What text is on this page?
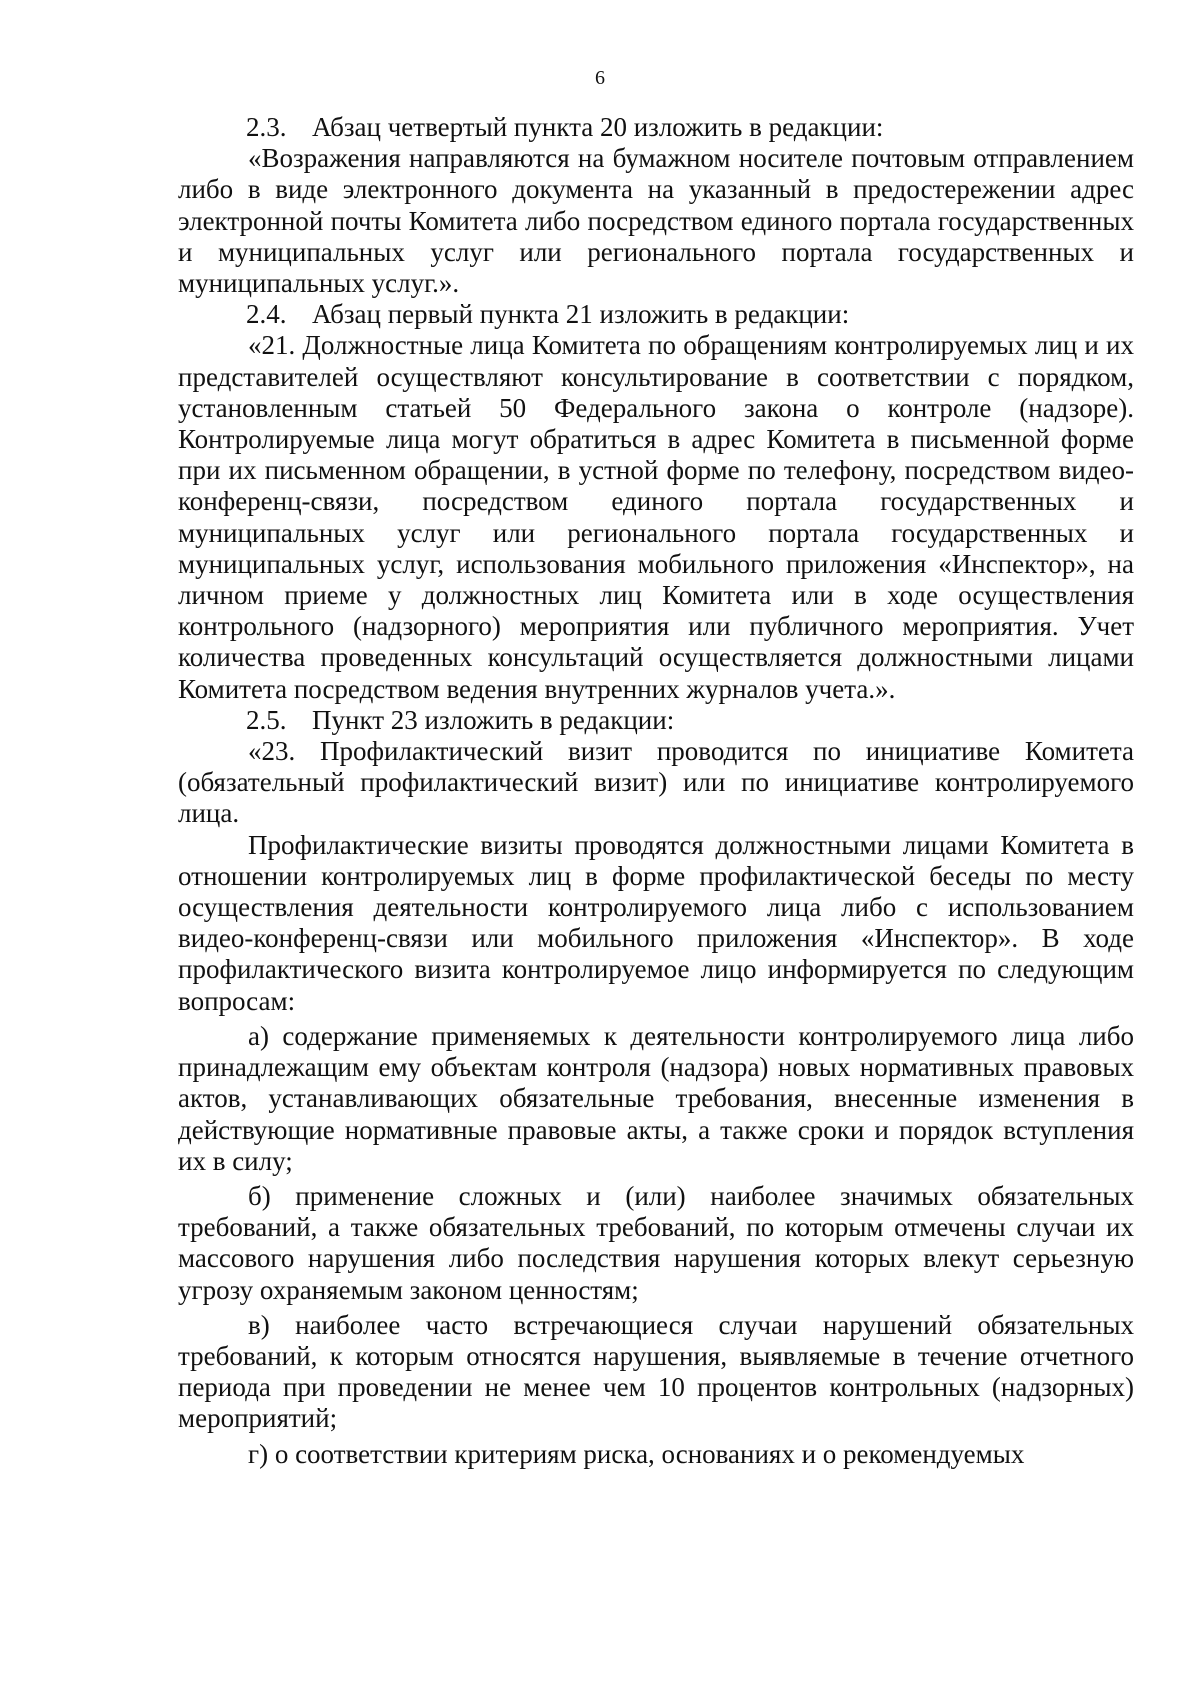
6

2.3. Абзац четвертый пункта 20 изложить в редакции:

«Возражения направляются на бумажном носителе почтовым отправлением либо в виде электронного документа на указанный в предостережении адрес электронной почты Комитета либо посредством единого портала государственных и муниципальных услуг или регионального портала государственных и муниципальных услуг.».

2.4. Абзац первый пункта 21 изложить в редакции:

«21. Должностные лица Комитета по обращениям контролируемых лиц и их представителей осуществляют консультирование в соответствии с порядком, установленным статьей 50 Федерального закона о контроле (надзоре). Контролируемые лица могут обратиться в адрес Комитета в письменной форме при их письменном обращении, в устной форме по телефону, посредством видео-конференц-связи, посредством единого портала государственных и муниципальных услуг или регионального портала государственных и муниципальных услуг, использования мобильного приложения «Инспектор», на личном приеме у должностных лиц Комитета или в ходе осуществления контрольного (надзорного) мероприятия или публичного мероприятия. Учет количества проведенных консультаций осуществляется должностными лицами Комитета посредством ведения внутренних журналов учета.».

2.5. Пункт 23 изложить в редакции:

«23. Профилактический визит проводится по инициативе Комитета (обязательный профилактический визит) или по инициативе контролируемого лица.

Профилактические визиты проводятся должностными лицами Комитета в отношении контролируемых лиц в форме профилактической беседы по месту осуществления деятельности контролируемого лица либо с использованием видео-конференц-связи или мобильного приложения «Инспектор». В ходе профилактического визита контролируемое лицо информируется по следующим вопросам:

а) содержание применяемых к деятельности контролируемого лица либо принадлежащим ему объектам контроля (надзора) новых нормативных правовых актов, устанавливающих обязательные требования, внесенные изменения в действующие нормативные правовые акты, а также сроки и порядок вступления их в силу;

б) применение сложных и (или) наиболее значимых обязательных требований, а также обязательных требований, по которым отмечены случаи их массового нарушения либо последствия нарушения которых влекут серьезную угрозу охраняемым законом ценностям;

в) наиболее часто встречающиеся случаи нарушений обязательных требований, к которым относятся нарушения, выявляемые в течение отчетного периода при проведении не менее чем 10 процентов контрольных (надзорных) мероприятий;

г) о соответствии критериям риска, основаниях и о рекомендуемых
